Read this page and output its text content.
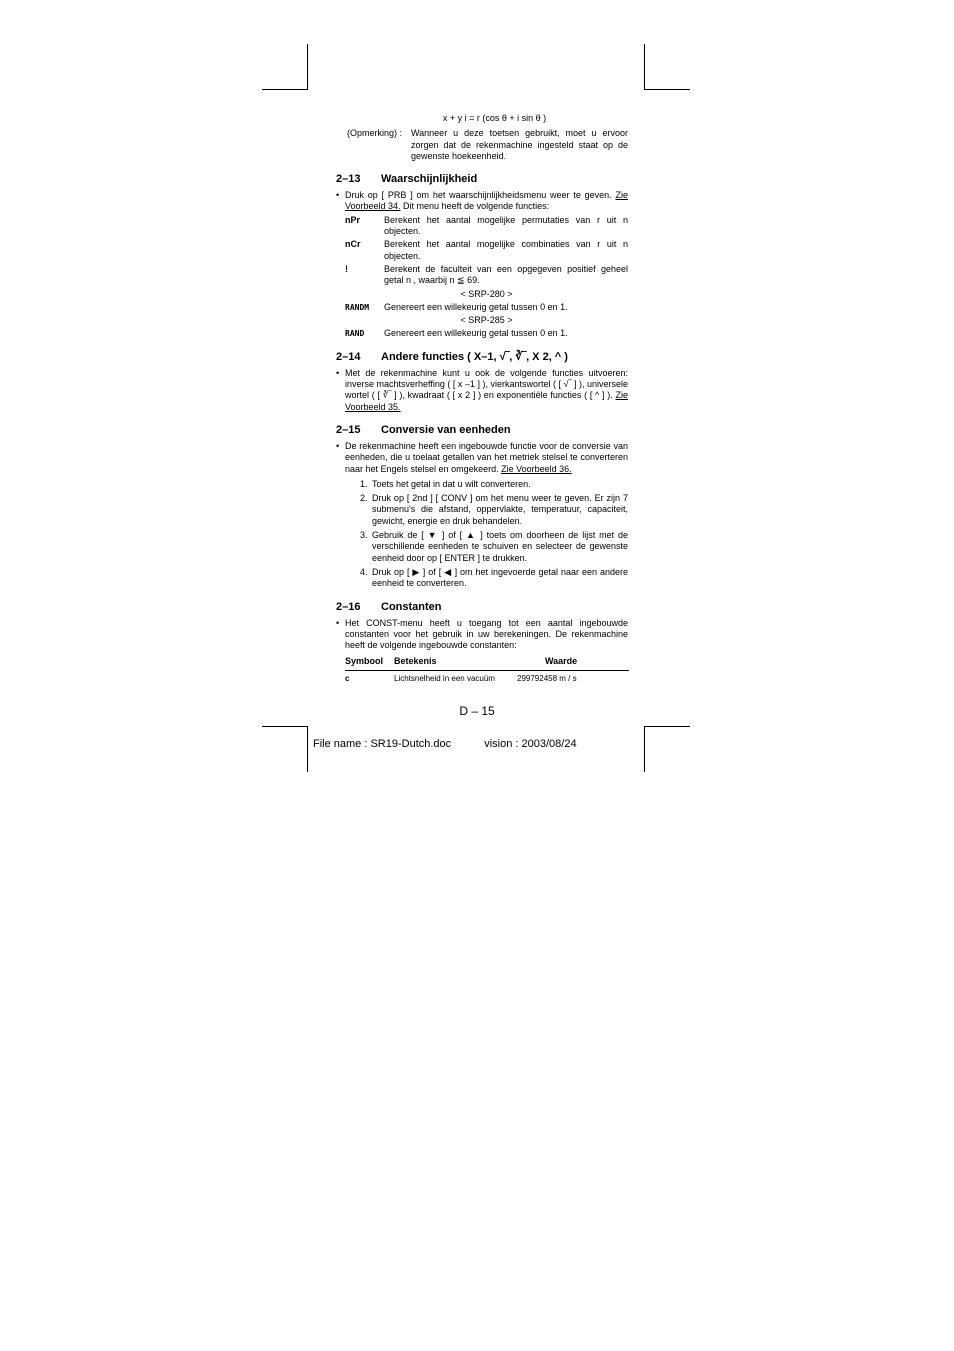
x + y i = r (cos θ + i sin θ )
(Opmerking) : Wanneer u deze toetsen gebruikt, moet u ervoor zorgen dat de rekenmachine ingesteld staat op de gewenste hoekeenheid.
2–13 Waarschijnlijkheid
• Druk op [ PRB ] om het waarschijnlijkheidsmenu weer te geven. Zie Voorbeeld 34. Dit menu heeft de volgende functies:
nPr	Berekent het aantal mogelijke permutaties van r uit n objecten.
nCr	Berekent het aantal mogelijke combinaties van r uit n objecten.
!	Berekent de faculteit van een opgegeven positief geheel getal n , waarbij n ≦ 69.
< SRP-280 >
RANDM	Genereert een willekeurig getal tussen 0 en 1.
< SRP-285 >
RAND	Genereert een willekeurig getal tussen 0 en 1.
2–14 Andere functies ( X–1, √‾, ∛‾, X 2, ^ )
• Met de rekenmachine kunt u ook de volgende functies uitvoeren: inverse machtsverheffing ( [ x –1 ] ), vierkantswortel ( [ √‾ ] ), universele wortel ( [ ∛‾ ] ), kwadraat ( [ x 2 ] ) en exponentiële functies ( [ ^ ] ). Zie Voorbeeld 35.
2–15 Conversie van eenheden
• De rekenmachine heeft een ingebouwde functie voor de conversie van eenheden, die u toelaat getallen van het metriek stelsel te converteren naar het Engels stelsel en omgekeerd. Zie Voorbeeld 36.
1. Toets het getal in dat u wilt converteren.
2. Druk op [ 2nd ] [ CONV ] om het menu weer te geven. Er zijn 7 submenu's die afstand, oppervlakte, temperatuur, capaciteit, gewicht, energie en druk behandelen.
3. Gebruik de [ ▼ ] of [ ▲ ] toets om doorheen de lijst met de verschillende eenheden te schuiven en selecteer de gewenste eenheid door op [ ENTER ] te drukken.
4. Druk op [ ▶ ] of [ ◀ ] om het ingevoerde getal naar een andere eenheid te converteren.
2–16 Constanten
• Het CONST-menu heeft u toegang tot een aantal ingebouwde constanten voor het gebruik in uw berekeningen. De rekenmachine heeft de volgende ingebouwde constanten:
Symbool	Betekenis	Waarde
c	Lichtsnelheid in een vacuüm	299792458 m / s
D – 15
File name : SR19-Dutch.doc	vision : 2003/08/24
